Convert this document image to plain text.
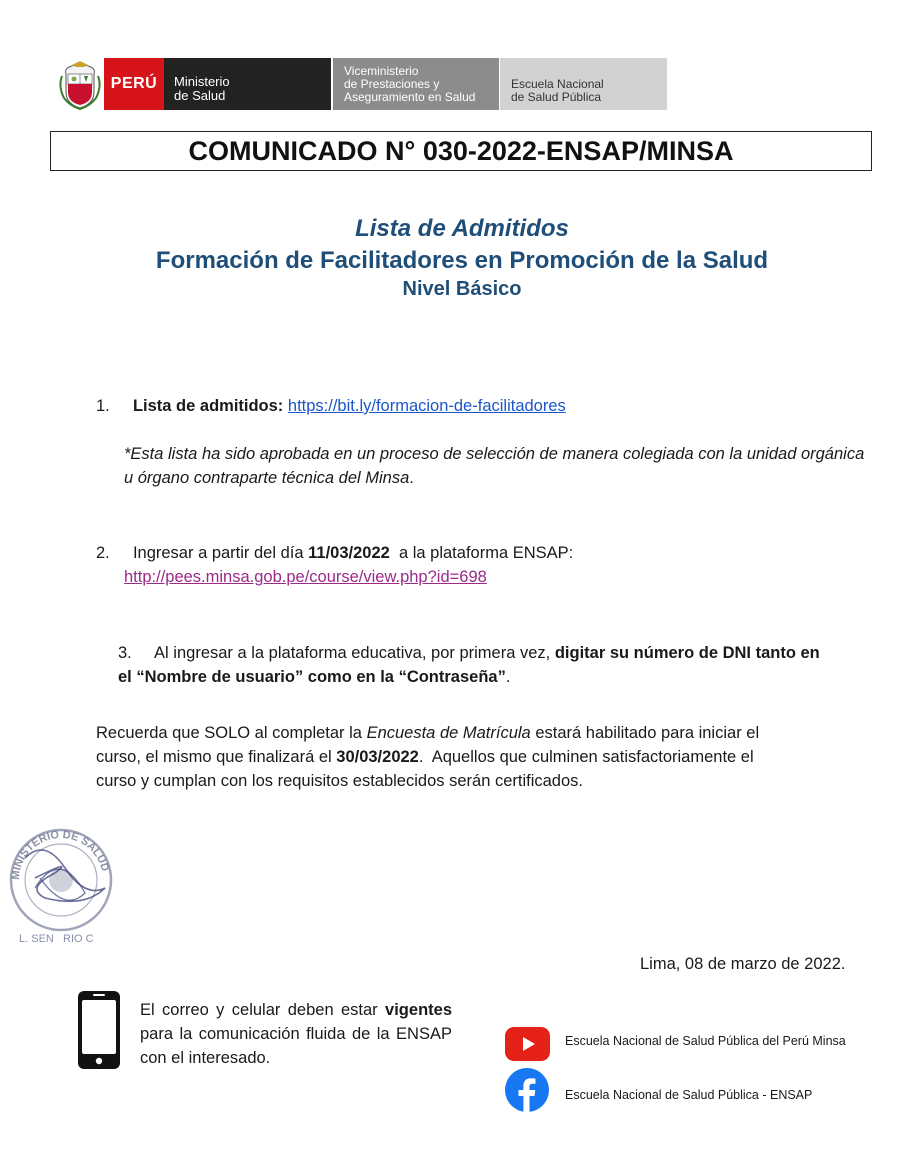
PERÚ Ministerio
de Salud
Viceministerio
de Prestaciones y
Aseguramiento en Salud
Escuela Nacional
de Salud Pública
COMUNICADO N° 030-2022-ENSAP/MINSA
Lista de Admitidos
Formación de Facilitadores en Promoción de la Salud
Nivel Básico
1. Lista de admitidos: https://bit.ly/formacion-de-facilitadores
*Esta lista ha sido aprobada en un proceso de selección de manera colegiada con la unidad orgánica u órgano contraparte técnica del Minsa.
2. Ingresar a partir del día 11/03/2022  a la plataforma ENSAP:
http://pees.minsa.gob.pe/course/view.php?id=698
3. Al ingresar a la plataforma educativa, por primera vez, digitar su número de DNI tanto en
el “Nombre de usuario” como en la “Contraseña”.
Recuerda que SOLO al completar la Encuesta de Matrícula estará habilitado para iniciar el
curso, el mismo que finalizará el 30/03/2022.  Aquellos que culminen satisfactoriamente el
curso y cumplan con los requisitos establecidos serán certificados.
MINISTERIO DE SALUD
L. SEN   RIO C
Lima, 08 de marzo de 2022.
El correo y celular deben estar vigentes para la comunicación fluida de la ENSAP con el interesado.
Escuela Nacional de Salud Pública del Perú Minsa
Escuela Nacional de Salud Pública - ENSAP
